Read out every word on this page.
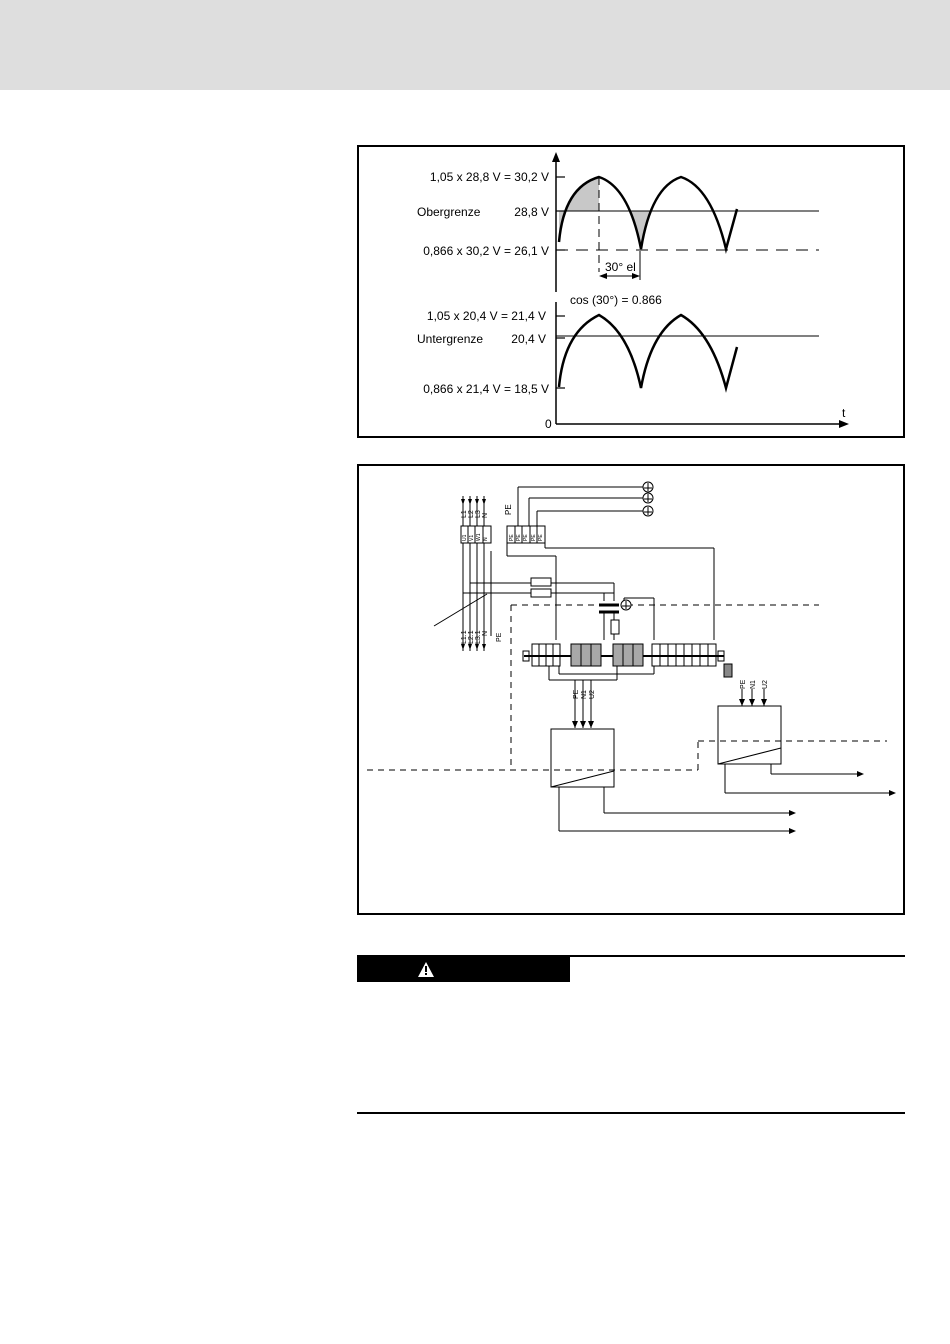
1,05 x 28,8 V = 30,2 V
Obergrenze	28,8 V
0,866 x 30,2 V = 26,1 V
30° el
cos (30°) = 0.866
1,05 x 20,4 V = 21,4 V
Untergrenze 20,4 V
0,866 x 21,4 V = 18,5 V
0
t
PE
L1 L2 L3 N
U1 V1 W1 N	PE PE PE PE PE
L1.1 L2.1 L3.1 N PE
PE N1 U2
PE N1 U2
